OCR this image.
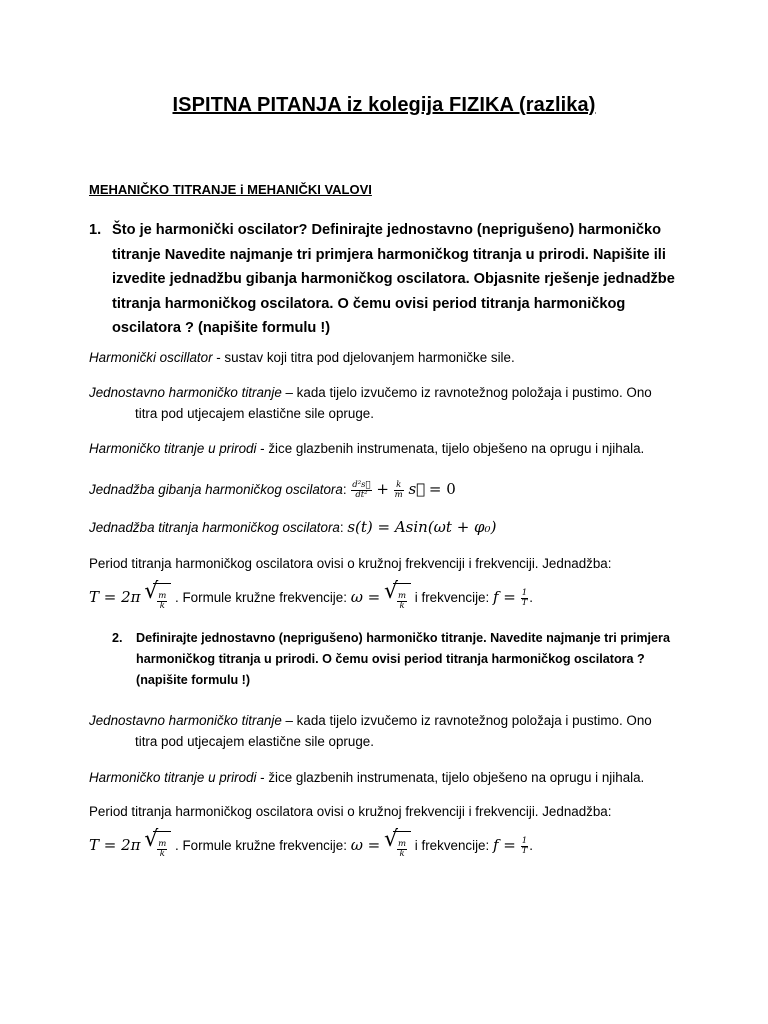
ISPITNA PITANJA iz kolegija FIZIKA (razlika)
MEHANIČKO TITRANJE i MEHANIČKI VALOVI
1. Što je harmonički oscilator? Definirajte jednostavno (neprigušeno) harmoničko titranje Navedite najmanje tri primjera harmoničkog titranja u prirodi. Napišite ili izvedite jednadžbu gibanja harmoničkog oscilatora. Objasnite rješenje jednadžbe titranja harmoničkog oscilatora. O čemu ovisi period titranja harmoničkog oscilatora ? (napišite formulu !)
Harmonički oscillator - sustav koji titra pod djelovanjem harmoničke sile.
Jednostavno harmoničko titranje – kada tijelo izvučemo iz ravnotežnog položaja i pustimo. Ono
titra pod utjecajem elastične sile opruge.
Harmoničko titranje u prirodi - žice glazbenih instrumenata, tijelo obješeno na oprugu i njihala.
Jednadžba gibanja harmoničkog oscilatora: $\frac{\text{d²s⃗}}{\text{dt²}} + \frac{k}{m}$ s⃗ = 0
Jednadžba titranja harmoničkog oscilatora: s(t) = Asin(ωt + φ₀)
Period titranja harmoničkog oscilatora ovisi o kružnoj frekvenciji i frekvenciji. Jednadžba:
T = 2π √
$\frac{m}{k}$ . Formule kružne frekvencije: ω = √
$\frac{m}{k}$ i frekvencije: $f = \frac{1}{T}$ .
2. Definirajte jednostavno (neprigušeno) harmoničko titranje. Navedite najmanje tri primjera harmoničkog titranja u prirodi. O čemu ovisi period titranja harmoničkog oscilatora ? (napišite formulu !)
Jednostavno harmoničko titranje – kada tijelo izvučemo iz ravnotežnog položaja i pustimo. Ono
titra pod utjecajem elastične sile opruge.
Harmoničko titranje u prirodi - žice glazbenih instrumenata, tijelo obješeno na oprugu i njihala.
Period titranja harmoničkog oscilatora ovisi o kružnoj frekvenciji i frekvenciji. Jednadžba:
T = 2π √
$\frac{m}{k}$ . Formule kružne frekvencije: ω = √
$\frac{m}{k}$ i frekvencije: $f = \frac{1}{T}$ .
